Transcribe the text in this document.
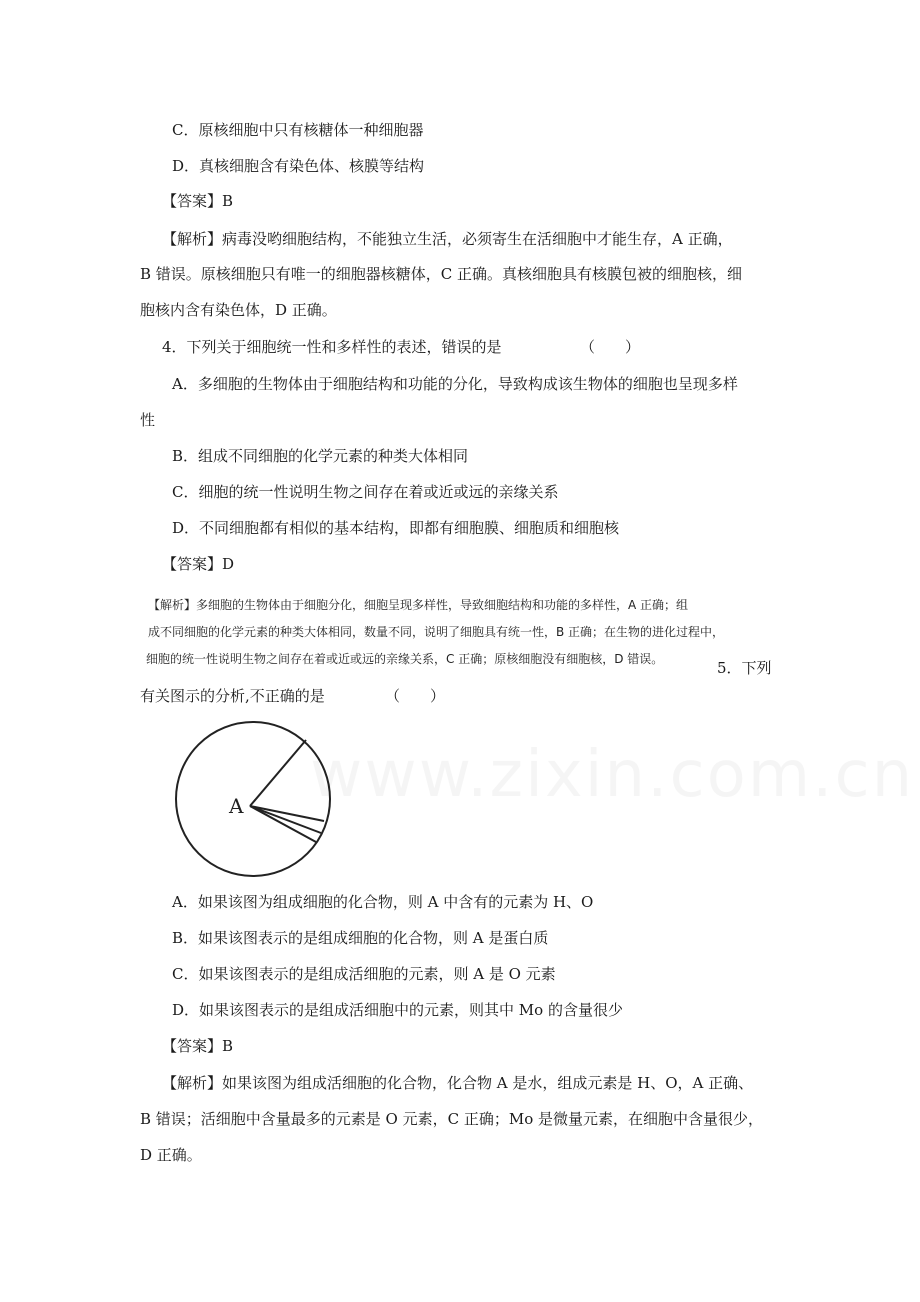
C．原核细胞中只有核糖体一种细胞器
D．真核细胞含有染色体、核膜等结构
【答案】B
【解析】病毒没哟细胞结构，不能独立生活，必须寄生在活细胞中才能生存，A 正确，
B 错误。原核细胞只有唯一的细胞器核糖体，C 正确。真核细胞具有核膜包被的细胞核，细
胞核内含有染色体，D 正确。
4．下列关于细胞统一性和多样性的表述，错误的是	（　　）
A．多细胞的生物体由于细胞结构和功能的分化，导致构成该生物体的细胞也呈现多样
性
B．组成不同细胞的化学元素的种类大体相同
C．细胞的统一性说明生物之间存在着或近或远的亲缘关系
D．不同细胞都有相似的基本结构，即都有细胞膜、细胞质和细胞核
【答案】D
【解析】多细胞的生物体由于细胞分化，细胞呈现多样性，导致细胞结构和功能的多样性，A 正确；组
成不同细胞的化学元素的种类大体相同，数量不同，说明了细胞具有统一性，B 正确；在生物的进化过程中，
细胞的统一性说明生物之间存在着或近或远的亲缘关系，C 正确；原核细胞没有细胞核，D 错误。	5．下列
有关图示的分析,不正确的是	（　　）
A
A．如果该图为组成细胞的化合物，则 A 中含有的元素为 H、O
B．如果该图表示的是组成细胞的化合物，则 A 是蛋白质
C．如果该图表示的是组成活细胞的元素，则 A 是 O 元素
D．如果该图表示的是组成活细胞中的元素，则其中 Mo 的含量很少
【答案】B
【解析】如果该图为组成活细胞的化合物，化合物 A 是水，组成元素是 H、O，A 正确、
B 错误；活细胞中含量最多的元素是 O 元素，C 正确；Mo 是微量元素，在细胞中含量很少，
D 正确。
